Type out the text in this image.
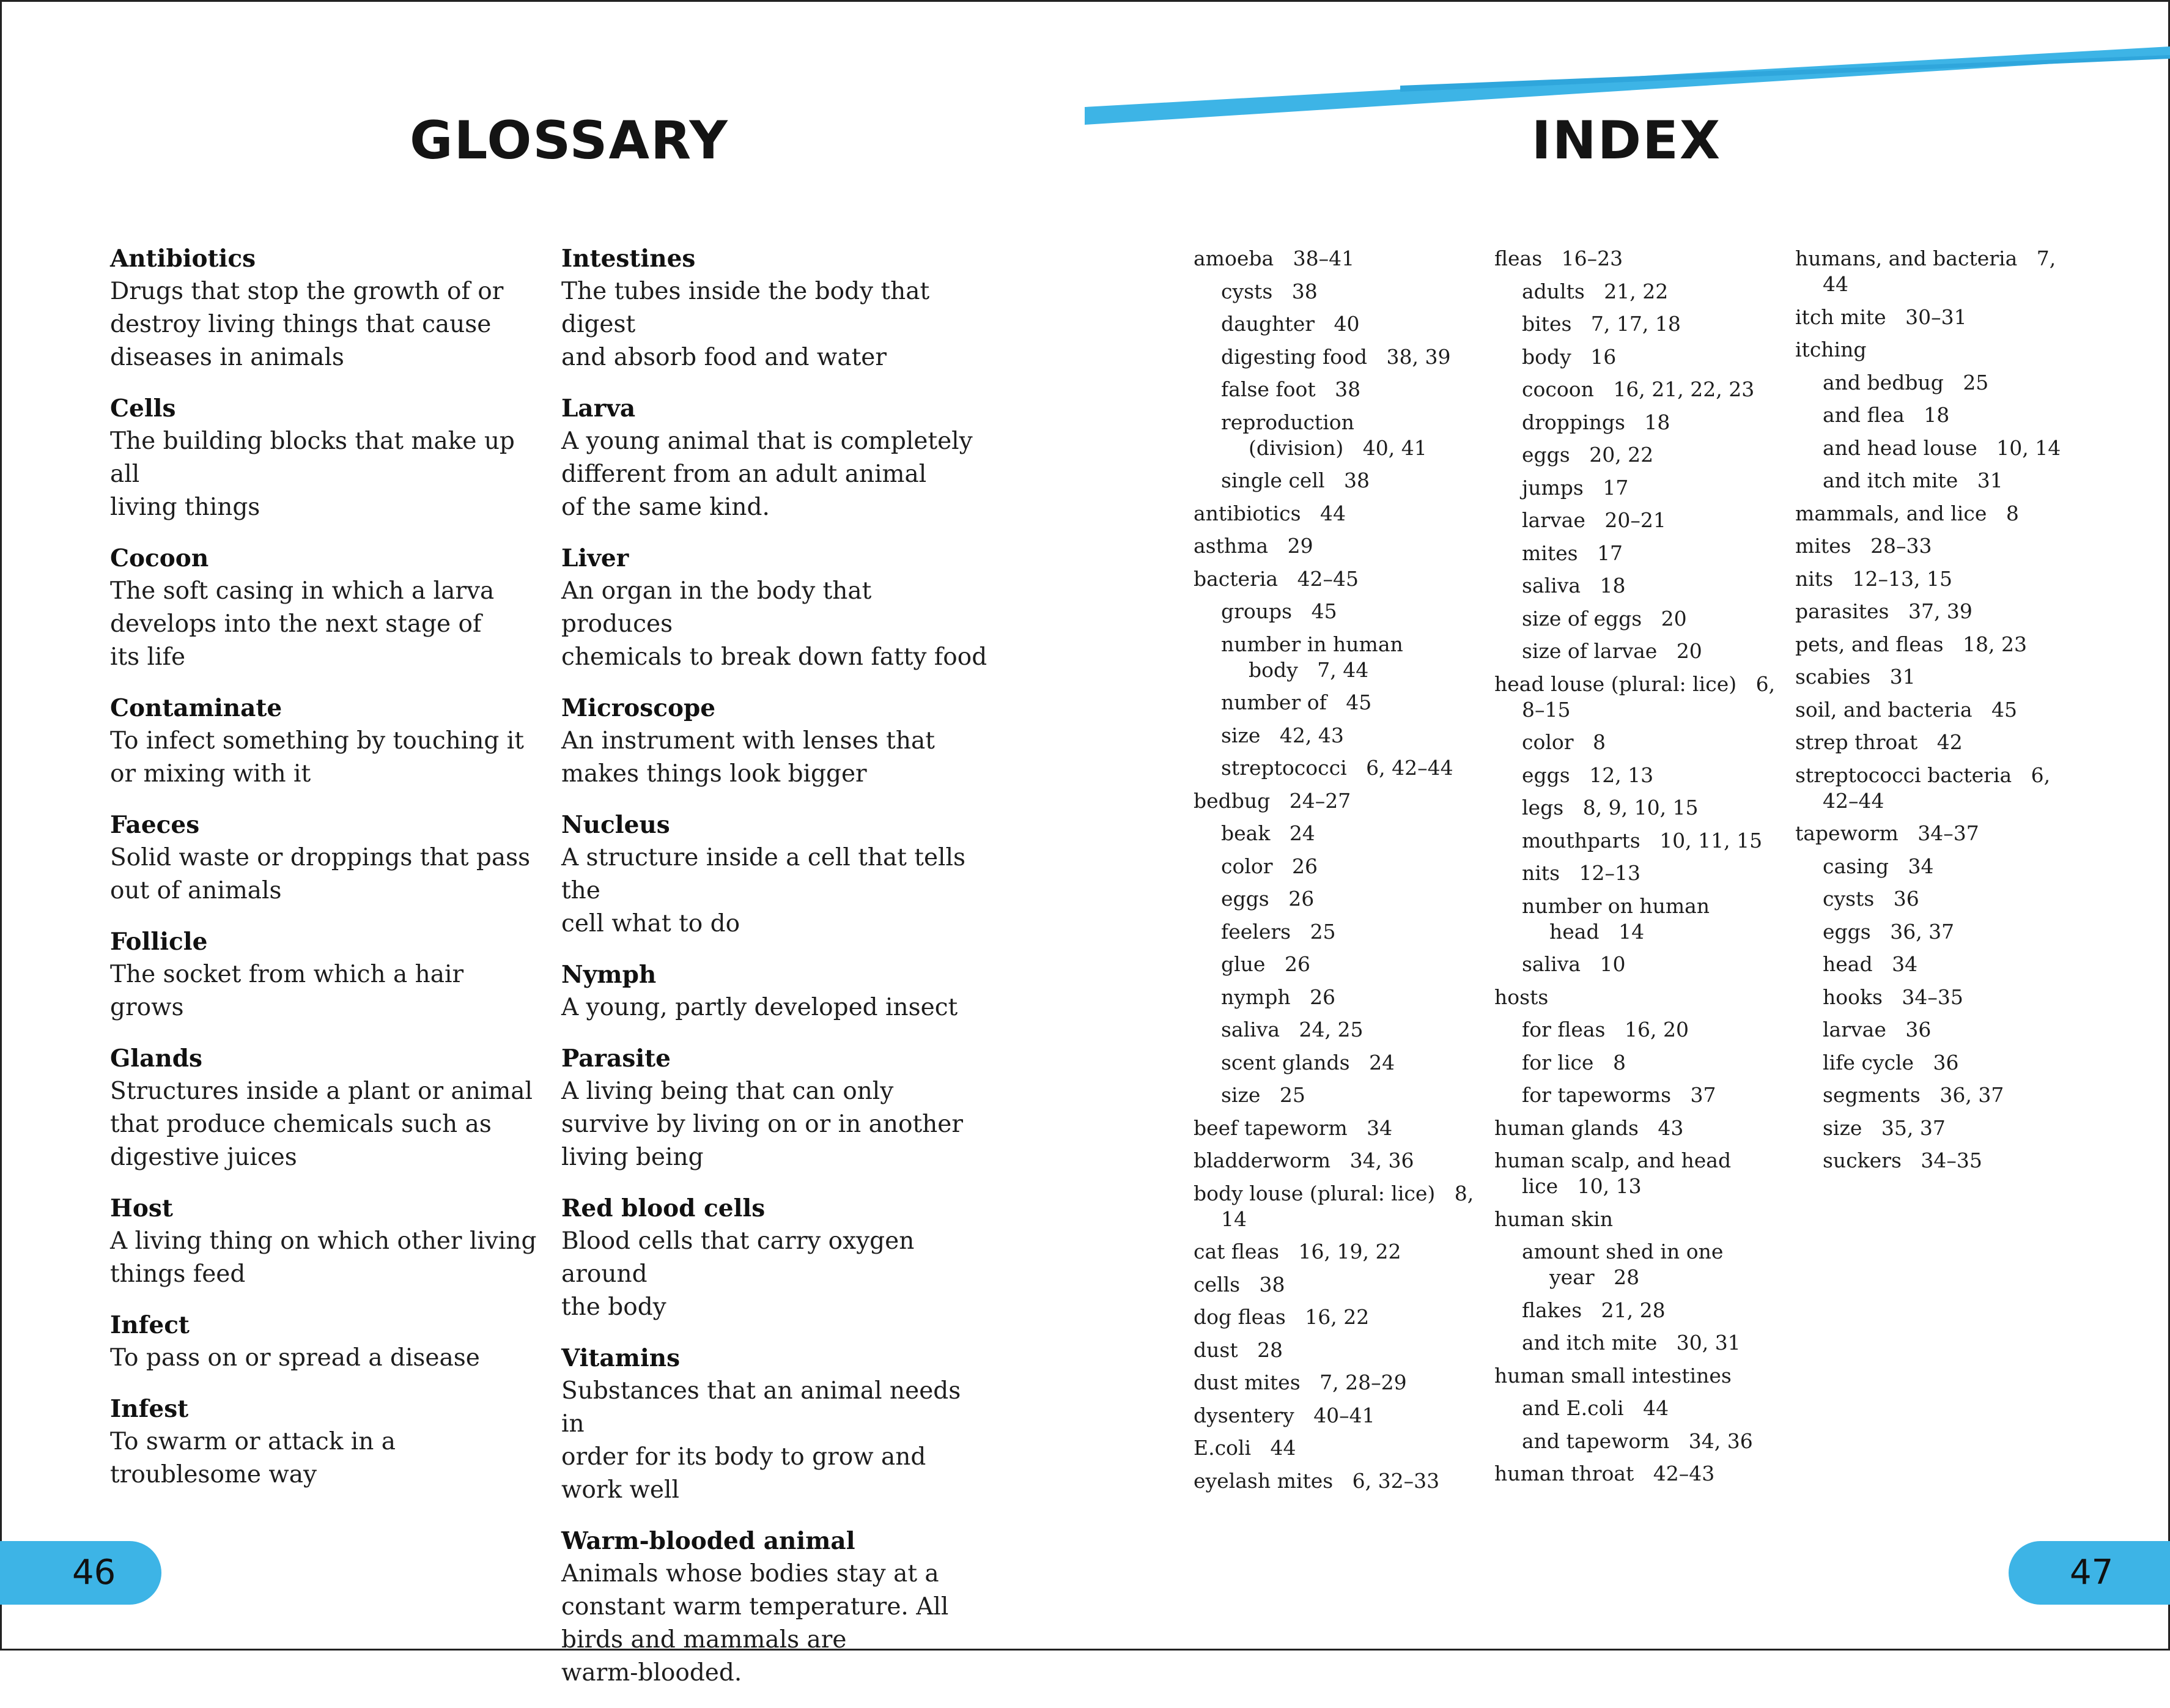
GLOSSARY	INDEX
Antibiotics
Drugs that stop the growth of or
destroy living things that cause
diseases in animals
Cells
The building blocks that make up all
living things
Cocoon
The soft casing in which a larva
develops into the next stage of
its life
Contaminate
To infect something by touching it
or mixing with it
Faeces
Solid waste or droppings that pass
out of animals
Follicle
The socket from which a hair grows
Glands
Structures inside a plant or animal
that produce chemicals such as
digestive juices
Host
A living thing on which other living
things feed
Infect
To pass on or spread a disease
Infest
To swarm or attack in a
troublesome way
Intestines
The tubes inside the body that digest
and absorb food and water
Larva
A young animal that is completely
different from an adult animal
of the same kind.
Liver
An organ in the body that produces
chemicals to break down fatty food
Microscope
An instrument with lenses that
makes things look bigger
Nucleus
A structure inside a cell that tells the
cell what to do
Nymph
A young, partly developed insect
Parasite
A living being that can only
survive by living on or in another
living being
Red blood cells
Blood cells that carry oxygen around
the body
Vitamins
Substances that an animal needs in
order for its body to grow and
work well
Warm-blooded animal
Animals whose bodies stay at a
constant warm temperature. All
birds and mammals are
warm-blooded.
amoeba 38–41
cysts 38
daughter 40
digesting food 38, 39
false foot 38
reproduction (division) 40, 41
single cell 38
antibiotics 44
asthma 29
bacteria 42–45
groups 45
number in human body 7, 44
number of 45
size 42, 43
streptococci 6, 42–44
bedbug 24–27
beak 24
color 26
eggs 26
feelers 25
glue 26
nymph 26
saliva 24, 25
scent glands 24
size 25
beef tapeworm 34
bladderworm 34, 36
body louse (plural: lice) 8, 14
cat fleas 16, 19, 22
cells 38
dog fleas 16, 22
dust 28
dust mites 7, 28–29
dysentery 40–41
E.coli 44
eyelash mites 6, 32–33
fleas 16–23
adults 21, 22
bites 7, 17, 18
body 16
cocoon 16, 21, 22, 23
droppings 18
eggs 20, 22
jumps 17
larvae 20–21
mites 17
saliva 18
size of eggs 20
size of larvae 20
head louse (plural: lice) 6, 8–15
color 8
eggs 12, 13
legs 8, 9, 10, 15
mouthparts 10, 11, 15
nits 12–13
number on human head 14
saliva 10
hosts
for fleas 16, 20
for lice 8
for tapeworms 37
human glands 43
human scalp, and head lice 10, 13
human skin
amount shed in one year 28
flakes 21, 28
and itch mite 30, 31
human small intestines
and E.coli 44
and tapeworm 34, 36
human throat 42–43
humans, and bacteria 7, 44
itch mite 30–31
itching
and bedbug 25
and flea 18
and head louse 10, 14
and itch mite 31
mammals, and lice 8
mites 28–33
nits 12–13, 15
parasites 37, 39
pets, and fleas 18, 23
scabies 31
soil, and bacteria 45
strep throat 42
streptococci bacteria 6, 42–44
tapeworm 34–37
casing 34
cysts 36
eggs 36, 37
head 34
hooks 34–35
larvae 36
life cycle 36
segments 36, 37
size 35, 37
suckers 34–35
46	47
